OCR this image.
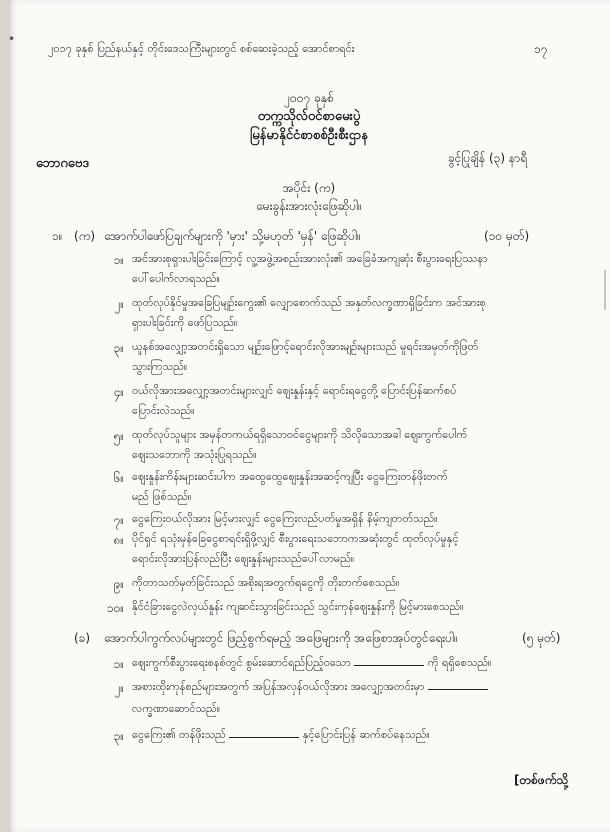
၂၀၁၇ ခုနှစ် ပြည်နယ်နှင့် တိုင်းဒေသကြီးများတွင် စစ်ဆေးခဲ့သည့် အောင်စာရင်း	၁၇
•
၂၀၀၇ ခုနှစ်
တက္ကသိုလ်ဝင်စာမေးပွဲ
မြန်မာနိုင်ငံစာစစ်ဦးစီးဌာန
ဘောဂဗေဒ	ခွင့်ပြုချိန် (၃) နာရီ
အပိုင်း (က)
မေးခွန်းအားလုံးဖြေဆိုပါ။
၁။ (က) အောက်ပါဖော်ပြချက်များကို 'မှား' သို့မဟုတ် 'မှန်' ဖြေဆိုပါ။	(၁၀ မှတ်)
၁။ အင်အားစုရှားပါးခြင်းကြောင့် လူ့အဖွဲ့အစည်းအားလုံး၏ အခြေခံအကျဆုံး စီးပွားရေးပြဿနာ
ပေါ်ပေါက်လာရသည်။
၂။ ထုတ်လုပ်နိုင်မှုအခြေပြမျဉ်းကွေး၏ လျှောစောက်သည် အနှတ်လက္ခဏာရှိခြင်းက အင်အားစု
ရှားပါးခြင်းကို ဖော်ပြသည်။
၃။ ယူနစ်အလျှော့အတင်းရှိသော မျဉ်းဖြောင့်ရောင်းလိုအားမျဉ်းများသည် မူရင်းအမှတ်ကိုဖြတ်
သွားကြသည်။
၄။ ဝယ်လိုအားအလျှော့အတင်းများလျှင် ဈေးနှုန်းနှင့် ရောင်းရငွေတို့ ပြောင်းပြန်ဆက်စပ်
ပြောင်းလဲသည်။
၅။ ထုတ်လုပ်သူများ အမှန်တကယ်ရရှိသောဝင်ငွေများကို သိလိုသောအခါ ဈေးကွက်ပေါက်
ဈေးသဘောကို အသုံးပြုရသည်။
၆။ ဈေးနှုန်းကိန်းများဆင်းပါက အထွေထွေဈေးနှုန်းအဆင့်ကျပြီး ငွေကြေးတန်ဖိုးတက်
မည် ဖြစ်သည်။
၇။ ငွေကြေးဝယ်လိုအား မြင့်မားလျှင် ငွေကြေးလည်ပတ်မှုအရှိန် နိမ့်ကျတတ်သည်။
၈။ ပိုင်ရှင် ရသုံးမှန်ခြေငွေစာရင်းရှိဖို့လျှင် စီးပွားရေးသဘောကအဆုံးတွင် ထုတ်လုပ်မှုနှင့်
ရောင်းလိုအားပြန်လည်ပြီး ဈေးနှုန်းများသည်ပေါ်လာမည်။
၉။ ကိုတာသတ်မှတ်ခြင်းသည် အစိုးရအတွက်ရငွေကို တိုးတက်စေသည်။
၁၀။ နိုင်ငံခြားငွေလဲလှယ်နှုန်း ကျဆင်းသွားခြင်းသည် သွင်းကုန်ဈေးနှုန်းကို မြင့်မားစေသည်။
(ခ) အောက်ပါကွက်လပ်များတွင် ဖြည့်စွက်ရမည့် အဖြေများကို အဖြေစာအုပ်တွင်ရေးပါ။	(၅ မှတ်)
၁။ ဈေးကွက်စီးပွားရေးစနစ်တွင် စွမ်းဆောင်ရည်ပြည့်ဝသော	ကို ရရှိစေသည်။
၂။ အစားထိုးကုန်စည်များအတွက် အပြန်အလှန်ဝယ်လိုအား အလျှော့အတင်းမှာ
လက္ခဏာဆောင်သည်။
၃။ ငွေကြေး၏ တန်ဖိုးသည်	နှင့်ပြောင်းပြန် ဆက်စပ်နေသည်။
[တစ်ဖက်သို့
